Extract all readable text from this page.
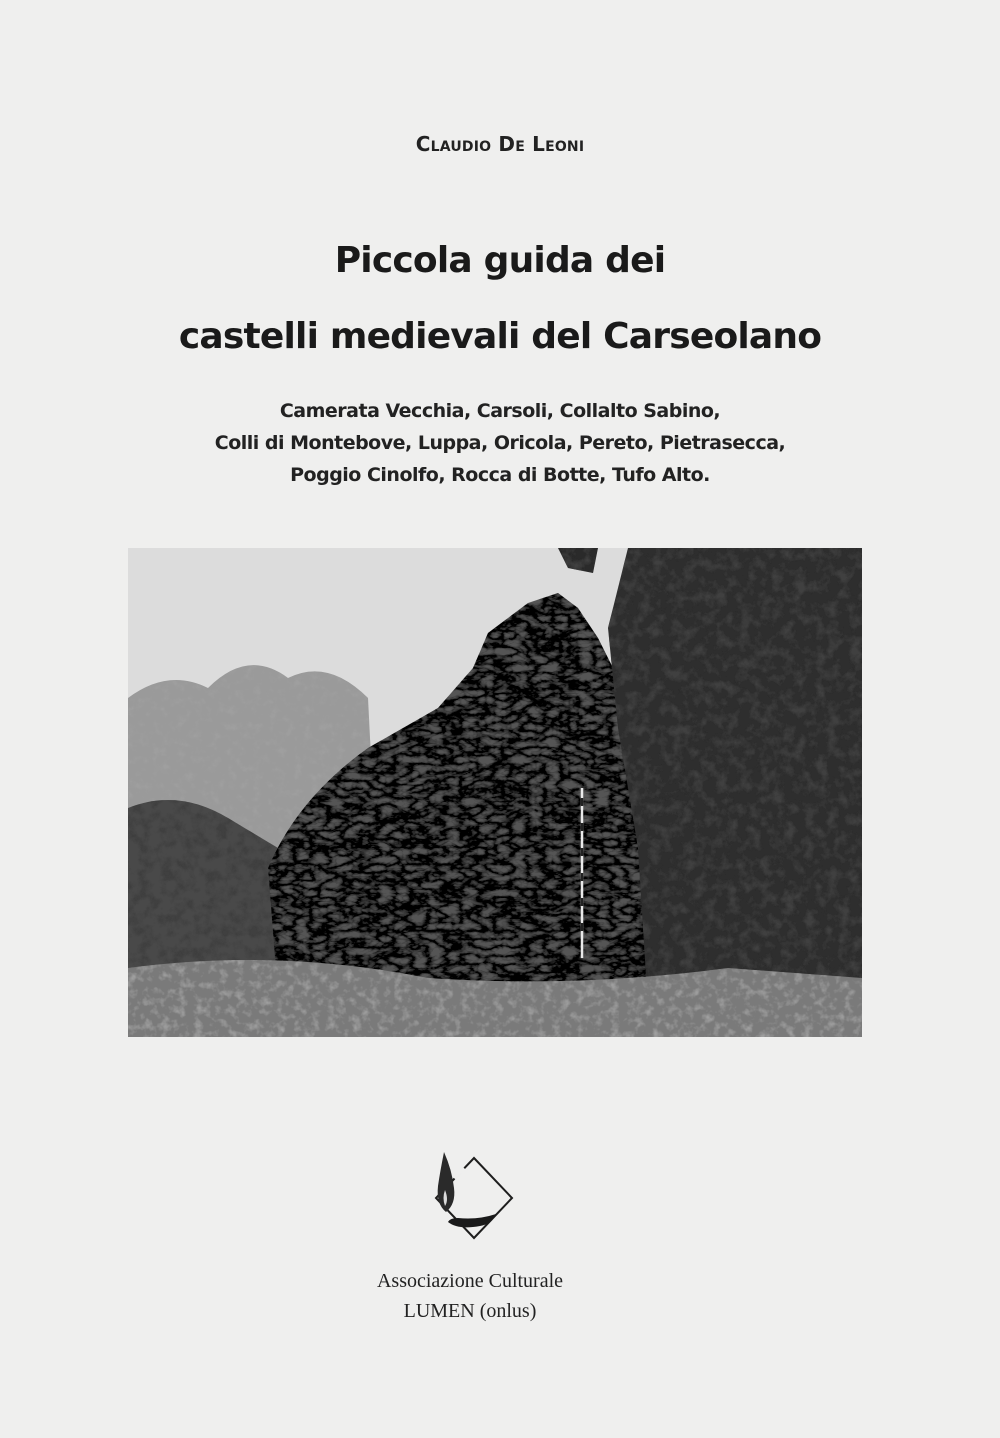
Claudio De Leoni
Piccola guida dei
castelli medievali del Carseolano
Camerata Vecchia, Carsoli, Collalto Sabino,
Colli di Montebove, Luppa, Oricola, Pereto, Pietrasecca,
Poggio Cinolfo, Rocca di Botte, Tufo Alto.
Associazione Culturale
LUMEN (onlus)
